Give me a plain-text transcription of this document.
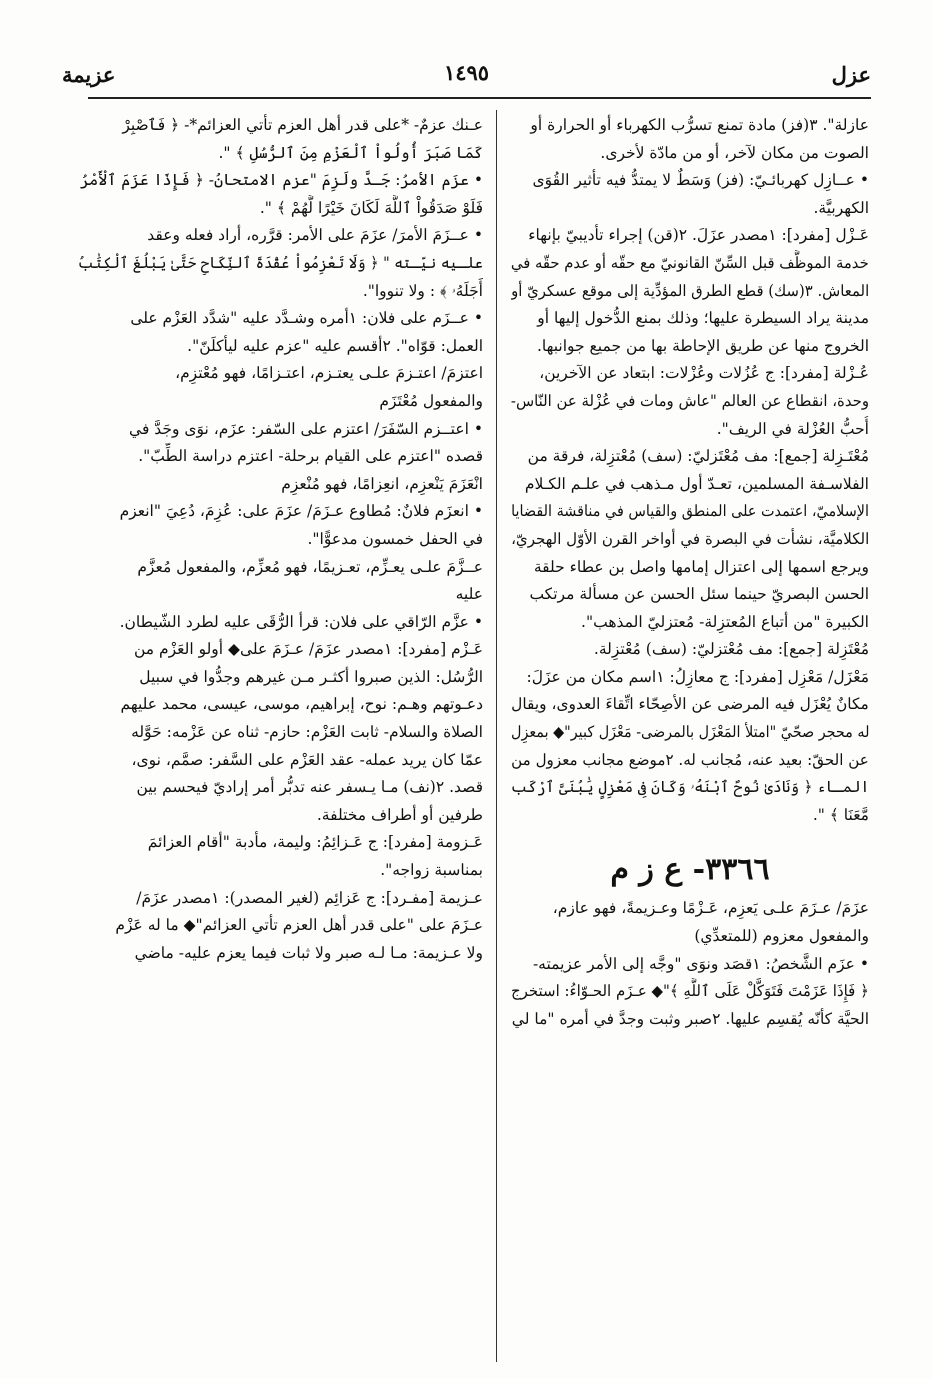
عزل
١٤٩٥
عزيمة
عازلة". ٣(فز) مادة تمنع تسرُّب الكهرباء أو الحرارة أو
الصوت من مكان لآخر، أو من مادّة لأخرى.
• عــازِل كهربائـيّ: (فز) وَسَطٌ لا يمتدُّ فيه تأثير القُوَى
الكهربيَّة.
عَـزْل [مفرد]: ١مصدر عزَلَ. ٢(قن) إجراء تأديبيّ بإنهاء
خدمة الموظَّف قبل السِّنّ القانونيّ مع حقّه أو عدم حقّه في
المعاش. ٣(سك) قطع الطرق المؤدِّية إلى موقع عسكريّ أو
مدينة يراد السيطرة عليها؛ وذلك بمنع الدُّخول إليها أو
الخروج منها عن طريق الإحاطة بها من جميع جوانبها.
عُـزْلة [مفرد]: ج عُزُلات وعُزْلات: ابتعاد عن الآخرين،
وحدة، انقطاع عن العالم "عاش ومات في عُزْلة عن النّاس-
أُحبُّ العُزْلة في الريف".
مُعْتَـزِلة [جمع]: مف مُعْتَزليّ: (سف) مُعْتزِلة، فرقة من
الفلاسـفة المسلمين، تعـدّ أول مـذهب في علـم الكـلام
الإسلاميّ، اعتمدت على المنطق والقياس في مناقشة القضايا
الكلاميَّة، نشأت في البصرة في أواخر القرن الأوّل الهجريّ،
ويرجع اسمها إلى اعتزال إمامها واصل بن عطاء حلقة
الحسن البصريّ حينما سئل الحسن عن مسألة مرتكب
الكبيرة "من أتباع المُعتزِلة- مُعتزليّ المذهب".
مُعْتَزِلة [جمع]: مف مُعْتزليّ: (سف) مُعْتزِلة.
مَعْزَل/ مَعْزِل [مفرد]: ج معازِلُ: ١اسم مكان من عزَلَ:
مكانٌ يُعْزَل فيه المرضى عن الأصِحّاء اتِّقاءَ العدوى، ويقال
له محجر صحّيّ "امتلأ المَعْزَل بالمرضى- مَعْزَل كبير"◆ بمعزِل
عن الحقّ: بعيد عنه، مُجانب له. ٢موضع مجانب معزول من
المـاء ﴿ وَنَادَىٰ نُوحٌ ٱبْنَهُۥ وَكَانَ فِى مَعْزِلٍ يَٰبُنَىَّ ٱرْكَب
مَّعَنَا ﴾ ".
٣٣٦٦- ع ز م
عزَمَ/ عـزَمَ علـى يَعزِم، عَـزْمًا وعـزيمةً، فهو عازم،
والمفعول معزوم (للمتعدِّي)
• عزَم الشَّخصُ: ١قصَد ونوَى "وجَّه إلى الأمر عزيمته-
﴿ فَإِذَا عَزَمْتَ فَتَوَكَّلْ عَلَى ٱللَّهِ ﴾"◆ عـزَم الحـوّاءُ: استخرج
الحيَّة كأنّه يُقسِم عليها. ٢صبر وثبت وجدَّ في أمره "ما لي
عـنك عزمٌ- *على قدر أهل العزم تأتي العزائم*- ﴿ فَٱصْبِرْ
كَمَا صَبَرَ أُولُواْ ٱلْعَزْمِ مِنَ ٱلرُّسُلِ ﴾ ".
• عزَم الأمرُ: جَـدَّ ولَزِمَ "عزم الامتحانُ- ﴿ فَإِذَا عَزَمَ ٱلْأَمْرُ
فَلَوْ صَدَقُواْ ٱللَّهَ لَكَانَ خَيْرًا لَّهُمْ ﴾ ".
• عــزَمَ الأمرَ/ عزَمَ على الأمر: قرَّره، أراد فعله وعقد
علـيه نيّـته " ﴿ وَلَا تَعْزِمُواْ عُقْدَةَ ٱلنِّكَاحِ حَتَّىٰ يَبْلُغَ ٱلْكِتَٰبُ
أَجَلَهُۥ ﴾ : ولا تنووا".
• عــزَم على فلان: ١أمره وشـدَّد عليه "شدَّد العَزْم على
العمل: قوّاه". ٢أقسم عليه "عزم عليه ليأكلَنّ".
اعتزمَ/ اعتـزمَ علـى يعتـزم، اعتـزامًا، فهو مُعْتزِم،
والمفعول مُعْتَزَم
• اعتــزم السّفَرَ/ اعتزم على السّفر: عزَم، نوَى وجَدَّ في
قصده "اعتزم على القيام برحلة- اعتزم دراسة الطِّبّ".
انْعَزَمَ يَنْعزِم، انعِزامًا، فهو مُنْعزِم
• انعزَم فلانٌ: مُطاوع عـزَمَ/ عزَمَ على: عُزِمَ، دُعِيَ "انعزم
في الحفل خمسون مدعوًّا".
عــزَّمَ علـى يعـزِّم، تعـزيمًا، فهو مُعزِّم، والمفعول مُعزَّم
عليه
• عزَّم الرّاقي على فلان: قرأ الرُّقَى عليه لطرد الشّيطان.
عَـزْم [مفرد]: ١مصدر عزَمَ/ عـزَمَ على◆ أولو العَزْم من
الرُّسُل: الذين صبروا أكثـر مـن غيرهم وجدُّوا في سبيل
دعـوتهم وهـم: نوح، إبراهيم، موسى، عيسى، محمد عليهم
الصلاة والسلام- ثابت العَزْم: حازم- ثناه عن عَزْمه: حَوَّله
عمّا كان يريد عمله- عقد العَزْم على السَّفر: صمَّم، نوى،
قصد. ٢(نف) مـا يـسفر عنه تدبُّر أمر إراديّ فيحسم بين
طرفين أو أطراف مختلفة.
عَـزومة [مفرد]: ج عَـزائِمُ: وليمة، مأدبة "أقام العزائمَ
بمناسبة زواجه".
عـزيمة [مفـرد]: ج عَزائِم (لغير المصدر): ١مصدر عزَمَ/
عـزَمَ على "على قدر أهل العزم تأتي العزائم"◆ ما له عَزْم
ولا عـزيمة: مـا لـه صبر ولا ثبات فيما يعزم عليه- ماضي
